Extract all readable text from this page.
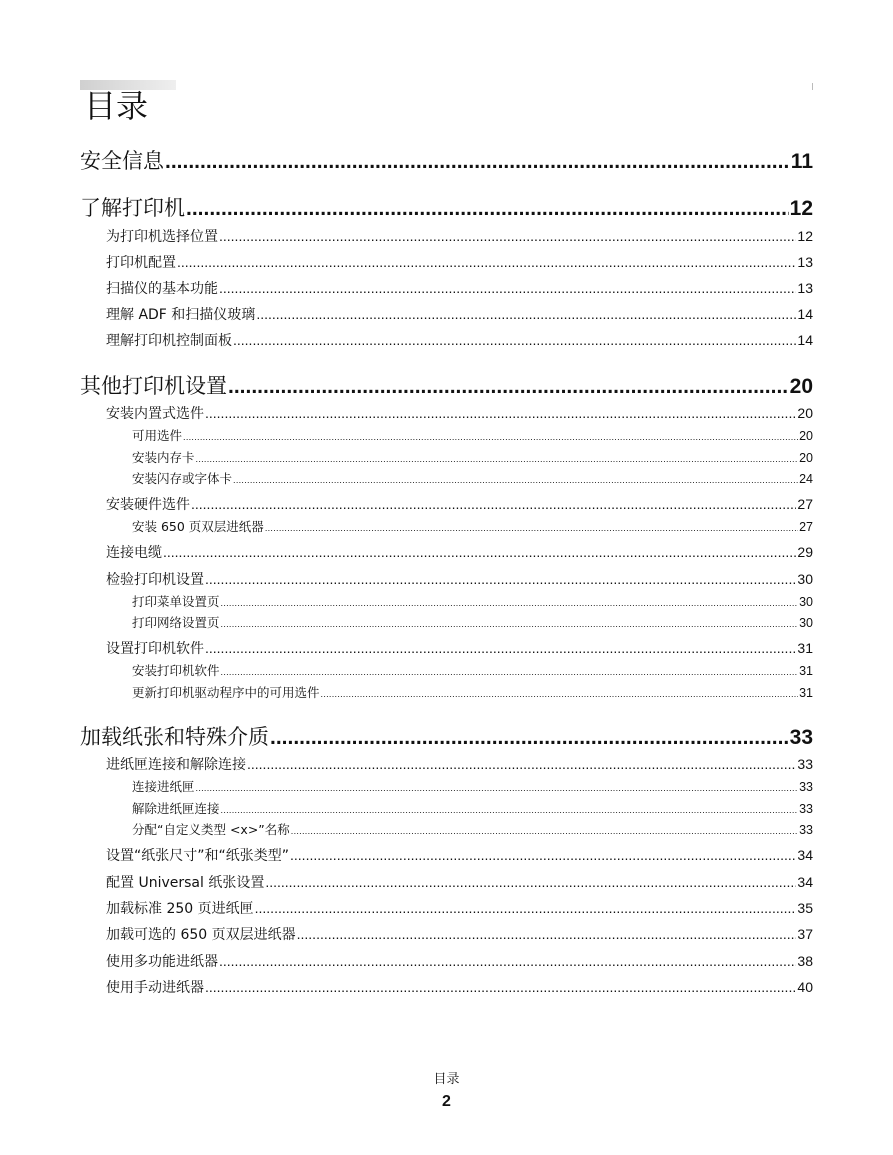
目录
安全信息 .....	11
了解打印机 .....	12
为打印机选择位置 .....	12
打印机配置 .....	13
扫描仪的基本功能 .....	13
理解 ADF 和扫描仪玻璃 .....	14
理解打印机控制面板 .....	14
其他打印机设置 .....	20
安装内置式选件 .....	20
可用选件 .....	20
安装内存卡 .....	20
安装闪存或字体卡 .....	24
安装硬件选件 .....	27
安装 650 页双层进纸器 .....	27
连接电缆 .....	29
检验打印机设置 .....	30
打印菜单设置页 .....	30
打印网络设置页 .....	30
设置打印机软件 .....	31
安装打印机软件 .....	31
更新打印机驱动程序中的可用选件 .....	31
加载纸张和特殊介质 .....	33
进纸匣连接和解除连接 .....	33
连接进纸匣 .....	33
解除进纸匣连接 .....	33
分配“自定义类型 <x>”名称 .....	33
设置“纸张尺寸”和“纸张类型” .....	34
配置 Universal 纸张设置 .....	34
加载标准 250 页进纸匣 .....	35
加载可选的 650 页双层进纸器 .....	37
使用多功能进纸器 .....	38
使用手动进纸器 .....	40
目录
2
